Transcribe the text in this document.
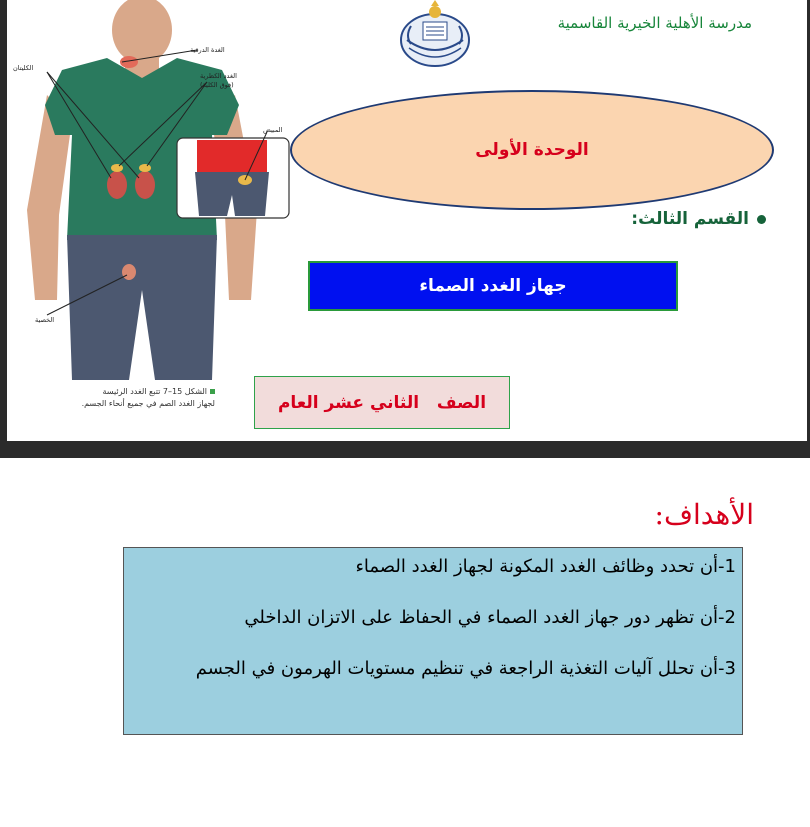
الغدة الدرقية
الكليتان
الغدد الكظرية
(فوق الكلية)
المبيض
الخصية
الشكل 15–7 تتبع الغدد الرئيسة
لجهاز الغدد الصم في جميع أنحاء الجسم.
مدرسة الأهلية الخيرية القاسمية
الوحدة الأولى
القسم الثالث:
جهاز الغدد الصماء
الصف   الثاني عشر العام
الأهداف:
1-أن تحدد وظائف الغدد المكونة لجهاز الغدد الصماء
2-أن تظهر دور جهاز الغدد الصماء في الحفاظ على الاتزان الداخلي
3-أن تحلل آليات التغذية الراجعة في تنظيم مستويات الهرمون في الجسم
